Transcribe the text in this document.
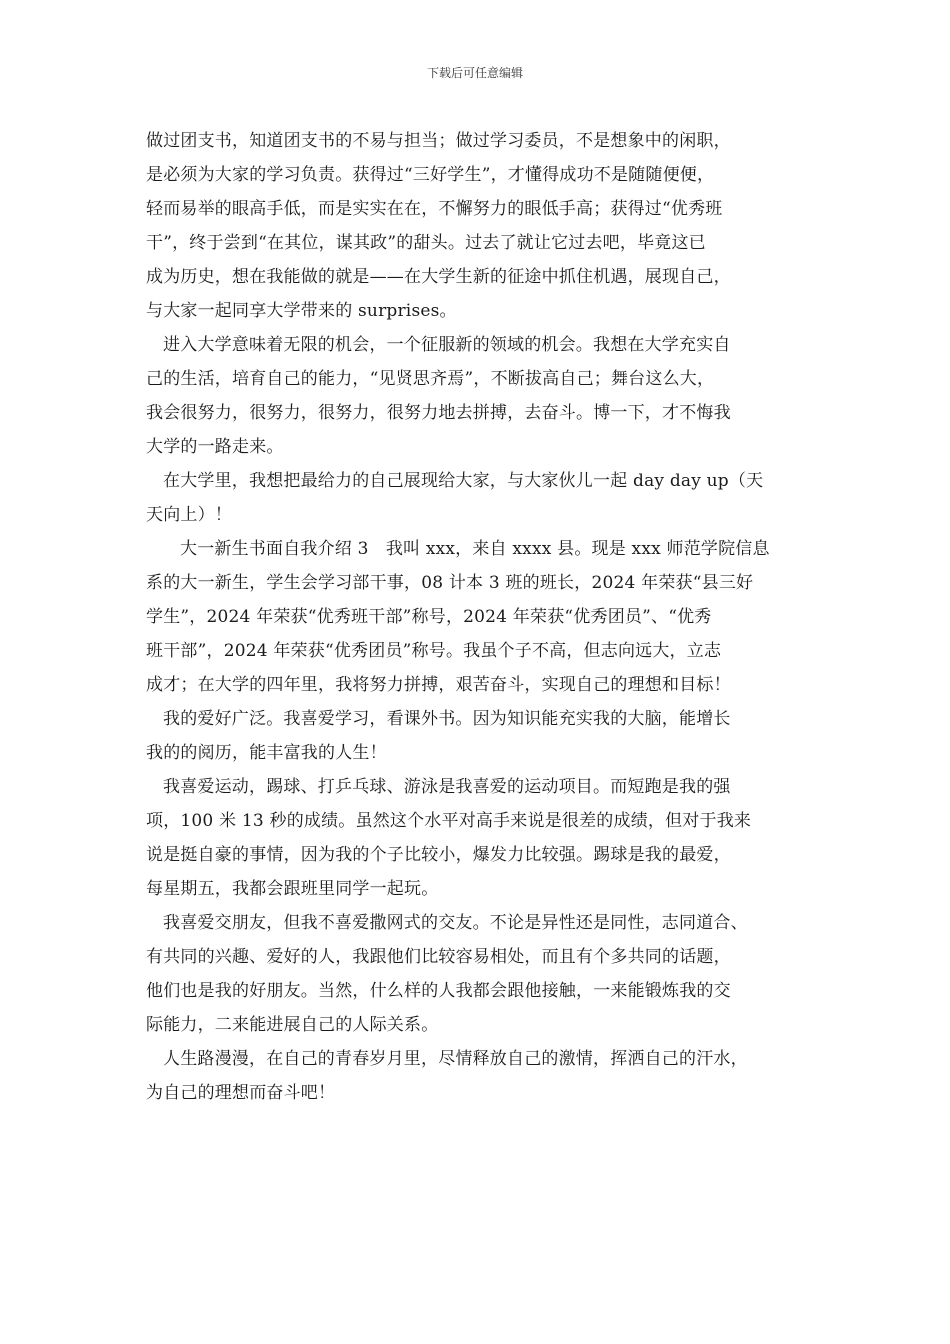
下载后可任意编辑
做过团支书，知道团支书的不易与担当；做过学习委员，不是想象中的闲职，
是必须为大家的学习负责。获得过“三好学生”，才懂得成功不是随随便便，
轻而易举的眼高手低，而是实实在在，不懈努力的眼低手高；获得过“优秀班
干”，终于尝到“在其位，谋其政”的甜头。过去了就让它过去吧，毕竟这已
成为历史，想在我能做的就是——在大学生新的征途中抓住机遇，展现自己，
与大家一起同享大学带来的 surprises。
进入大学意味着无限的机会，一个征服新的领域的机会。我想在大学充实自
己的生活，培育自己的能力，“见贤思齐焉”，不断拔高自己；舞台这么大，
我会很努力，很努力，很努力，很努力地去拼搏，去奋斗。博一下，才不悔我
大学的一路走来。
在大学里，我想把最给力的自己展现给大家，与大家伙儿一起 day day up（天
天向上）！
大一新生书面自我介绍 3　我叫 xxx，来自 xxxx 县。现是 xxx 师范学院信息
系的大一新生，学生会学习部干事，08 计本 3 班的班长，2024 年荣获“县三好
学生”，2024 年荣获“优秀班干部”称号，2024 年荣获“优秀团员”、“优秀
班干部”，2024 年荣获“优秀团员”称号。我虽个子不高，但志向远大，立志
成才；在大学的四年里，我将努力拼搏，艰苦奋斗，实现自己的理想和目标！
我的爱好广泛。我喜爱学习，看课外书。因为知识能充实我的大脑，能增长
我的的阅历，能丰富我的人生！
我喜爱运动，踢球、打乒乓球、游泳是我喜爱的运动项目。而短跑是我的强
项，100 米 13 秒的成绩。虽然这个水平对高手来说是很差的成绩，但对于我来
说是挺自豪的事情，因为我的个子比较小，爆发力比较强。踢球是我的最爱，
每星期五，我都会跟班里同学一起玩。
我喜爱交朋友，但我不喜爱撒网式的交友。不论是异性还是同性，志同道合、
有共同的兴趣、爱好的人，我跟他们比较容易相处，而且有个多共同的话题，
他们也是我的好朋友。当然，什么样的人我都会跟他接触，一来能锻炼我的交
际能力，二来能进展自己的人际关系。
人生路漫漫，在自己的青春岁月里，尽情释放自己的激情，挥洒自己的汗水，
为自己的理想而奋斗吧！
